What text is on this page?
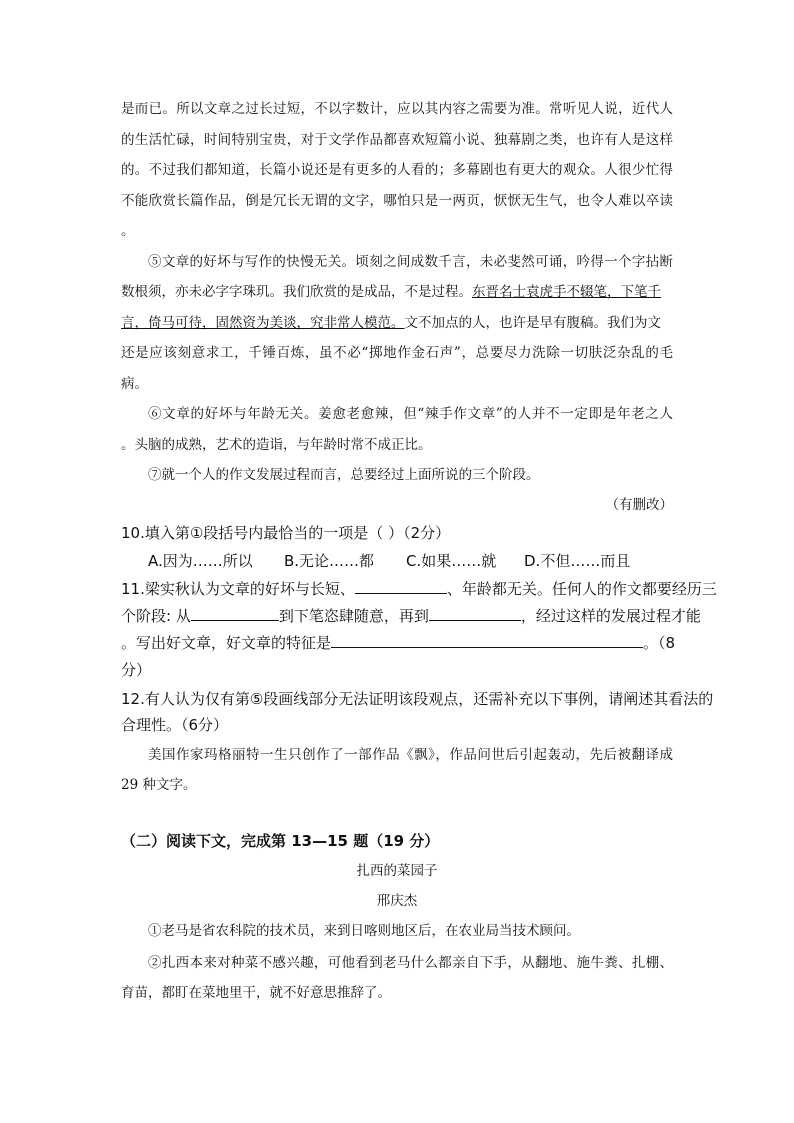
是而已。所以文章之过长过短，不以字数计，应以其内容之需要为准。常听见人说，近代人
的生活忙碌，时间特别宝贵，对于文学作品都喜欢短篇小说、独幕剧之类，也许有人是这样
的。不过我们都知道，长篇小说还是有更多的人看的；多幕剧也有更大的观众。人很少忙得
不能欣赏长篇作品，倒是冗长无谓的文字，哪怕只是一两页，恹恹无生气，也令人难以卒读
。
⑤文章的好坏与写作的快慢无关。顷刻之间成数千言，未必斐然可诵，吟得一个字拈断
数根须，亦未必字字珠玑。我们欣赏的是成品，不是过程。东晋名士袁虎手不辍笔，下笔千
言，倚马可待，固然资为美谈，究非常人模范。文不加点的人，也许是早有腹稿。我们为文
还是应该刻意求工，千锤百炼，虽不必“掷地作金石声”，总要尽力洗除一切肤泛杂乱的毛
病。
⑥文章的好坏与年龄无关。姜愈老愈辣，但“辣手作文章”的人并不一定即是年老之人
。头脑的成熟，艺术的造诣，与年龄时常不成正比。
⑦就一个人的作文发展过程而言，总要经过上面所说的三个阶段。
（有删改）
10.填入第①段括号内最恰当的一项是（ ）（2分）
A.因为……所以 B.无论……都 C.如果……就 D.不但……而且
11.梁实秋认为文章的好坏与长短、	、年龄都无关。任何人的作文都要经历三
个阶段: 从	到下笔恣肆随意，再到	，经过这样的发展过程才能
。写出好文章，好文章的特征是	。（8
分）
12.有人认为仅有第⑤段画线部分无法证明该段观点，还需补充以下事例，请阐述其看法的
合理性。（6分）
美国作家玛格丽特一生只创作了一部作品《飘》，作品问世后引起轰动，先后被翻译成
29 种文字。
（二）阅读下文，完成第 13—15 题（19 分）
扎西的菜园子
邢庆杰
①老马是省农科院的技术员，来到日喀则地区后，在农业局当技术顾问。
②扎西本来对种菜不感兴趣，可他看到老马什么都亲自下手，从翻地、施牛粪、扎棚、
育苗，都盯在菜地里干，就不好意思推辞了。
